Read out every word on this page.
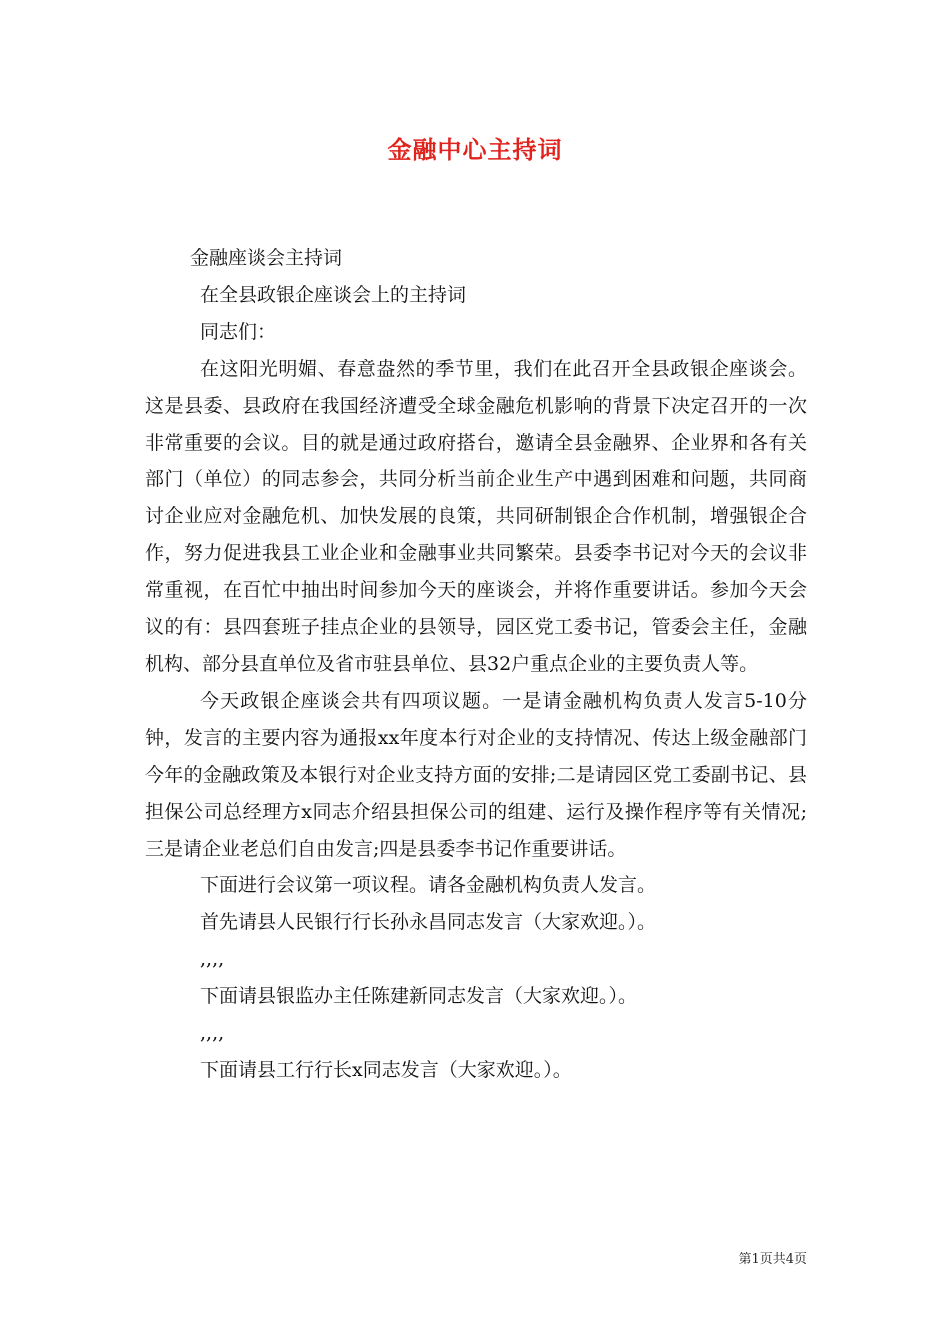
金融中心主持词

金融座谈会主持词

在全县政银企座谈会上的主持词

同志们：

在这阳光明媚、春意盎然的季节里，我们在此召开全县政银企座谈会。这是县委、县政府在我国经济遭受全球金融危机影响的背景下决定召开的一次非常重要的会议。目的就是通过政府搭台，邀请全县金融界、企业界和各有关部门（单位）的同志参会，共同分析当前企业生产中遇到困难和问题，共同商讨企业应对金融危机、加快发展的良策，共同研制银企合作机制，增强银企合作，努力促进我县工业企业和金融事业共同繁荣。县委李书记对今天的会议非常重视，在百忙中抽出时间参加今天的座谈会，并将作重要讲话。参加今天会议的有：县四套班子挂点企业的县领导，园区党工委书记，管委会主任，金融机构、部分县直单位及省市驻县单位、县32户重点企业的主要负责人等。

今天政银企座谈会共有四项议题。一是请金融机构负责人发言5-10分钟，发言的主要内容为通报xx年度本行对企业的支持情况、传达上级金融部门今年的金融政策及本银行对企业支持方面的安排;二是请园区党工委副书记、县担保公司总经理方x同志介绍县担保公司的组建、运行及操作程序等有关情况;三是请企业老总们自由发言;四是县委李书记作重要讲话。

下面进行会议第一项议程。请各金融机构负责人发言。

首先请县人民银行行长孙永昌同志发言（大家欢迎。）。

,,,,

下面请县银监办主任陈建新同志发言（大家欢迎。）。

,,,,

下面请县工行行长x同志发言（大家欢迎。）。

第1页共4页
